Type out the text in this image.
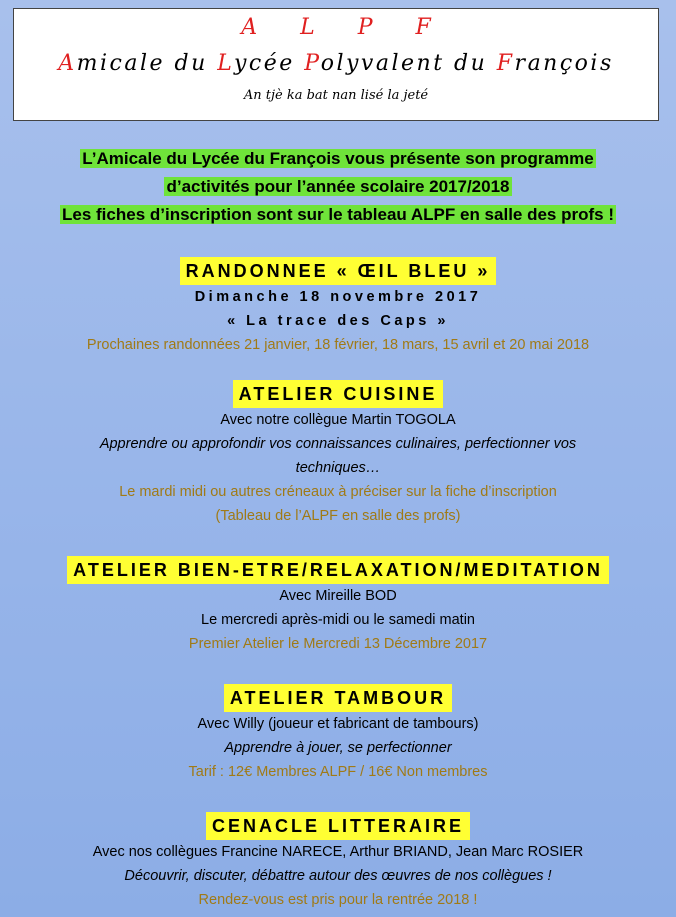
A L P F
Amicale du Lycée Polyvalent du François
An tjè ka bat nan lisé la jeté
L’Amicale du Lycée du François vous présente son programme
d’activités pour l’année scolaire 2017/2018
Les fiches d’inscription sont sur le tableau ALPF en salle des profs !
RANDONNEE « ŒIL BLEU »
Dimanche 18 novembre 2017
« La trace des Caps »
Prochaines randonnées 21 janvier, 18 février, 18 mars, 15 avril et 20 mai 2018
ATELIER CUISINE
Avec notre collègue Martin TOGOLA
Apprendre ou approfondir vos connaissances culinaires, perfectionner vos
techniques…
Le mardi midi ou autres créneaux à préciser sur la fiche d’inscription
(Tableau de l’ALPF en salle des profs)
ATELIER BIEN-ETRE/RELAXATION/MEDITATION
Avec Mireille BOD
Le mercredi après-midi ou le samedi matin
Premier Atelier le Mercredi 13 Décembre 2017
ATELIER TAMBOUR
Avec Willy (joueur et fabricant de tambours)
Apprendre à jouer, se perfectionner
Tarif : 12€ Membres ALPF / 16€ Non membres
CENACLE LITTERAIRE
Avec nos collègues Francine NARECE, Arthur BRIAND, Jean Marc ROSIER
Découvrir, discuter, débattre autour des œuvres de nos collègues !
Rendez-vous est pris pour la rentrée 2018 !
